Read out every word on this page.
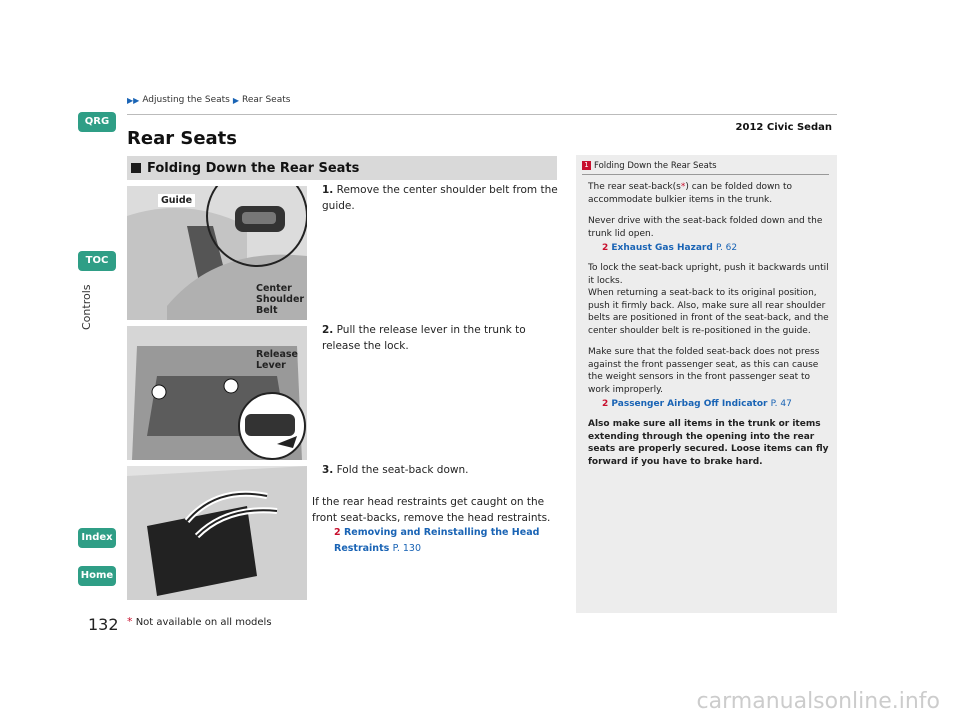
QRG
TOC
Controls
Index
Home
▶▶ Adjusting the Seats ▶ Rear Seats
2012 Civic Sedan
Rear Seats
Folding Down the Rear Seats
Guide
Center
Shoulder
Belt
Release
Lever
1. Remove the center shoulder belt from the guide.
2. Pull the release lever in the trunk to release the lock.
3. Fold the seat-back down.
If the rear head restraints get caught on the front seat-backs, remove the head restraints.
2 Removing and Reinstalling the Head Restraints P. 130
1 Folding Down the Rear Seats

The rear seat-back(s*) can be folded down to accommodate bulkier items in the trunk.

Never drive with the seat-back folded down and the trunk lid open.

2 Exhaust Gas Hazard P. 62

To lock the seat-back upright, push it backwards until it locks.

When returning a seat-back to its original position, push it firmly back. Also, make sure all rear shoulder belts are positioned in front of the seat-back, and the center shoulder belt is re-positioned in the guide.

Make sure that the folded seat-back does not press against the front passenger seat, as this can cause the weight sensors in the front passenger seat to work improperly.

2 Passenger Airbag Off Indicator P. 47

Also make sure all items in the trunk or items extending through the opening into the rear seats are properly secured. Loose items can fly forward if you have to brake hard.

132 * Not available on all models
carmanualsonline.info
